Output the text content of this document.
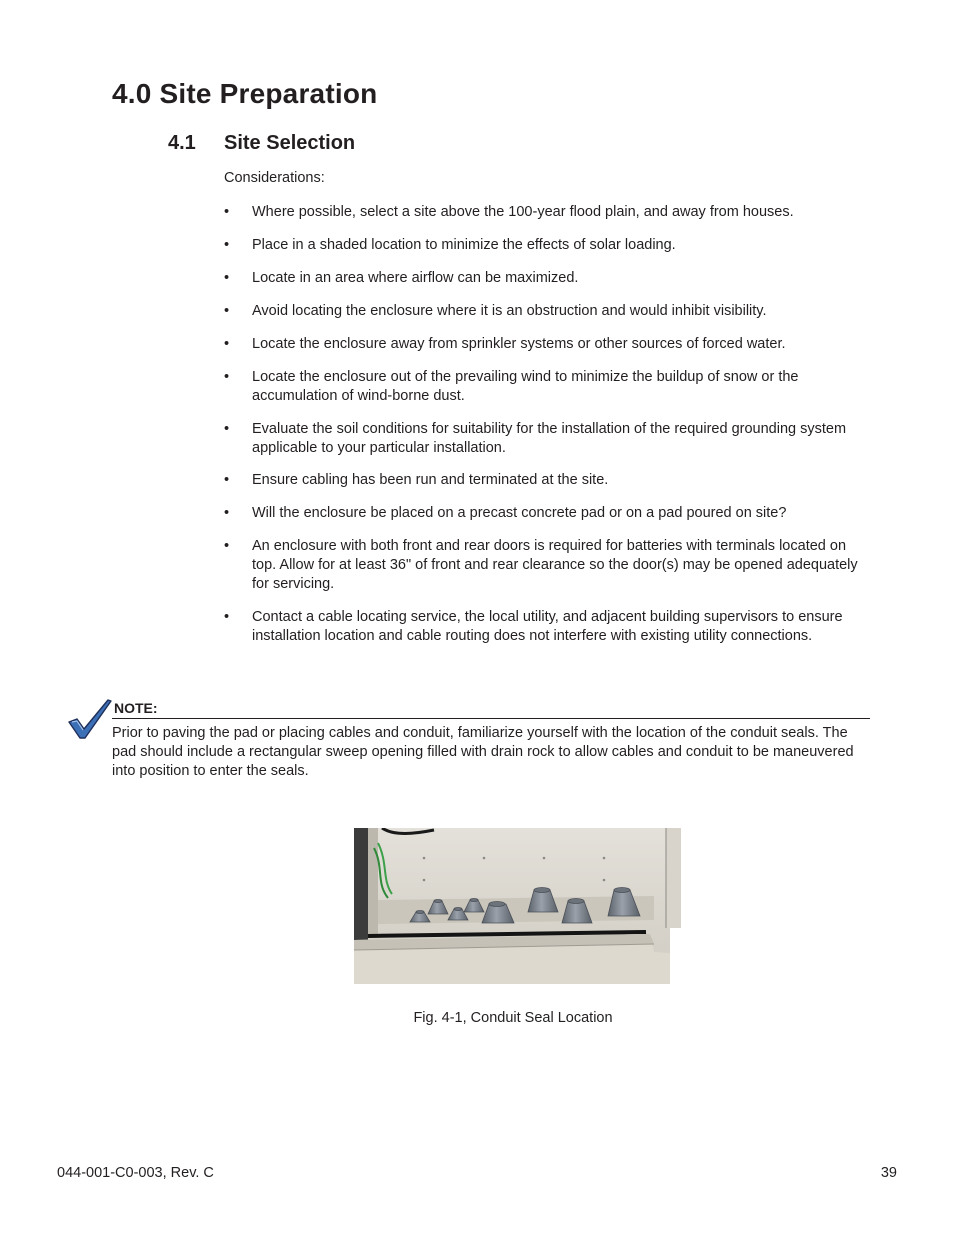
4.0 Site Preparation
4.1 Site Selection

Considerations:

• Where possible, select a site above the 100-year flood plain, and away from houses.
• Place in a shaded location to minimize the effects of solar loading.
• Locate in an area where airflow can be maximized.
• Avoid locating the enclosure where it is an obstruction and would inhibit visibility.
• Locate the enclosure away from sprinkler systems or other sources of forced water.
• Locate the enclosure out of the prevailing wind to minimize the buildup of snow or the accumulation of wind-borne dust.
• Evaluate the soil conditions for suitability for the installation of the required grounding system applicable to your particular installation.
• Ensure cabling has been run and terminated at the site.
• Will the enclosure be placed on a precast concrete pad or on a pad poured on site?
• An enclosure with both front and rear doors is required for batteries with terminals located on top. Allow for at least 36" of front and rear clearance so the door(s) may be opened adequately for servicing.
• Contact a cable locating service, the local utility, and adjacent building supervisors to ensure installation location and cable routing does not interfere with existing utility connections.
NOTE:

Prior to paving the pad or placing cables and conduit, familiarize yourself with the location of the conduit seals. The pad should include a rectangular sweep opening filled with drain rock to allow cables and conduit to be maneuvered into position to enter the seals.

Fig. 4-1, Conduit Seal Location
044-001-C0-003, Rev. C	39
